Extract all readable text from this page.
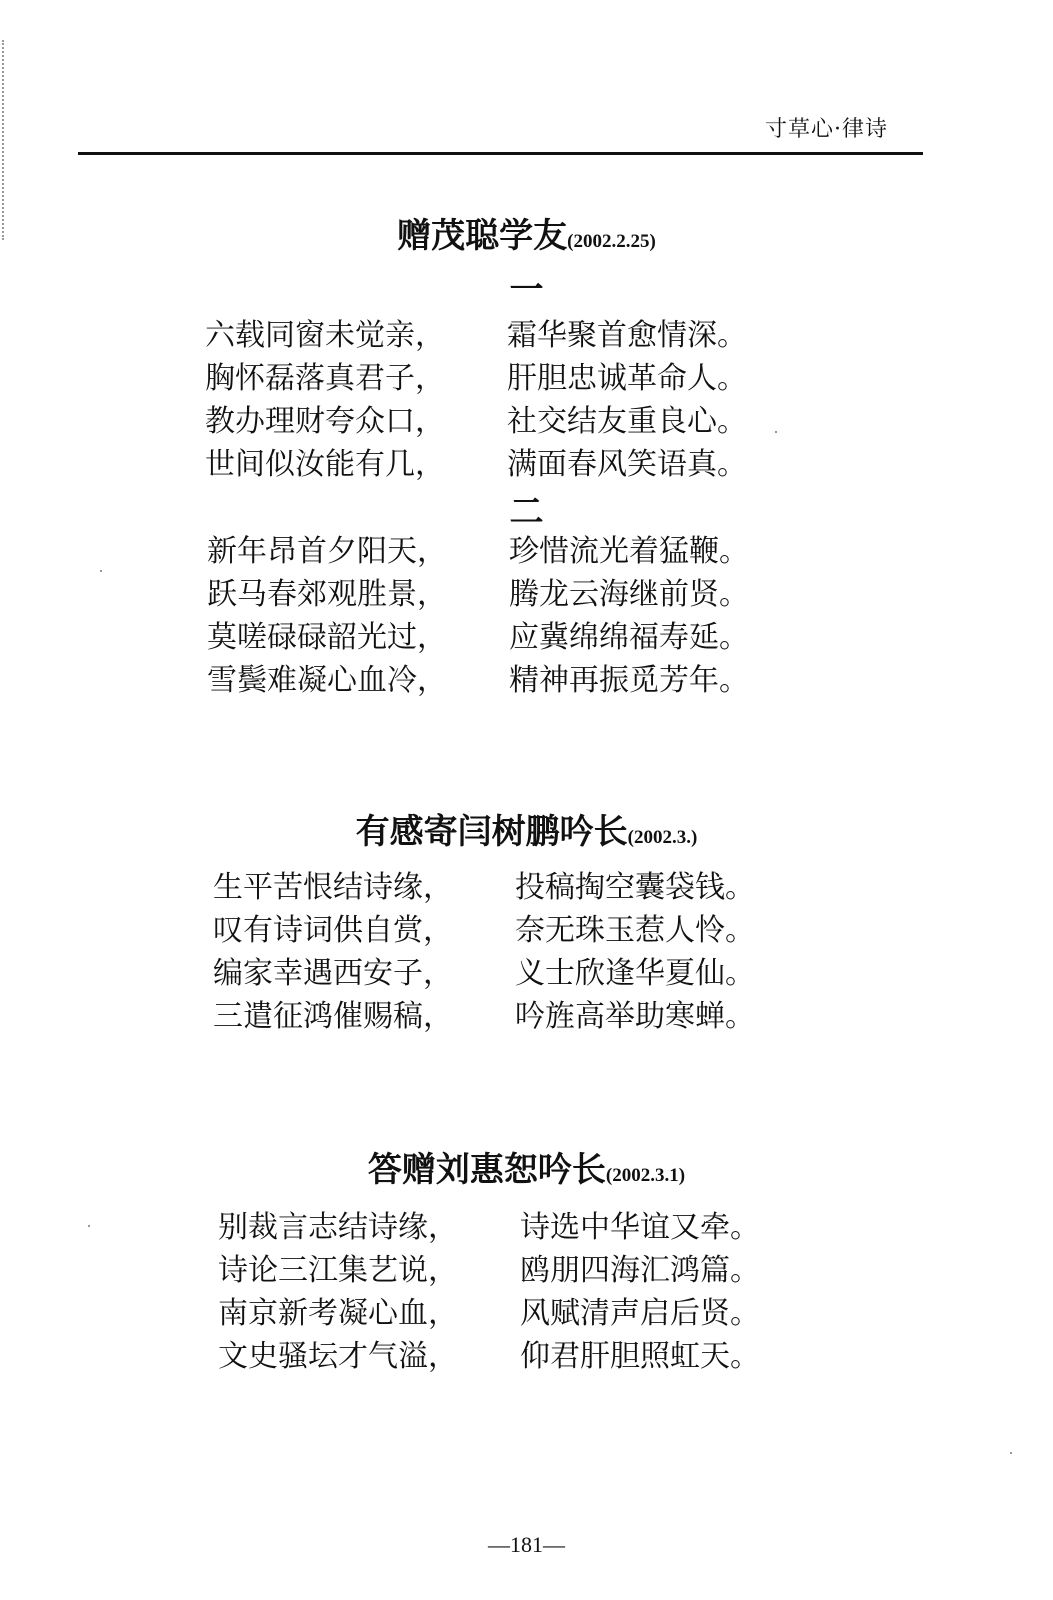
寸草心·律诗
赠茂聪学友(2002.2.25)
一
六载同窗未觉亲， 霜华聚首愈情深。
胸怀磊落真君子， 肝胆忠诚革命人。
教办理财夸众口， 社交结友重良心。
世间似汝能有几， 满面春风笑语真。
二
新年昂首夕阳天， 珍惜流光着猛鞭。
跃马春郊观胜景， 腾龙云海继前贤。
莫嗟碌碌韶光过， 应冀绵绵福寿延。
雪鬓难凝心血冷， 精神再振觅芳年。
有感寄闫树鹏吟长(2002.3.)
生平苦恨结诗缘， 投稿掏空囊袋钱。
叹有诗词供自赏， 奈无珠玉惹人怜。
编家幸遇西安子， 义士欣逢华夏仙。
三遣征鸿催赐稿， 吟旌高举助寒蝉。
答赠刘惠恕吟长(2002.3.1)
别裁言志结诗缘， 诗选中华谊又牵。
诗论三江集艺说， 鸥朋四海汇鸿篇。
南京新考凝心血， 风赋清声启后贤。
文史骚坛才气溢， 仰君肝胆照虹天。
—181—
